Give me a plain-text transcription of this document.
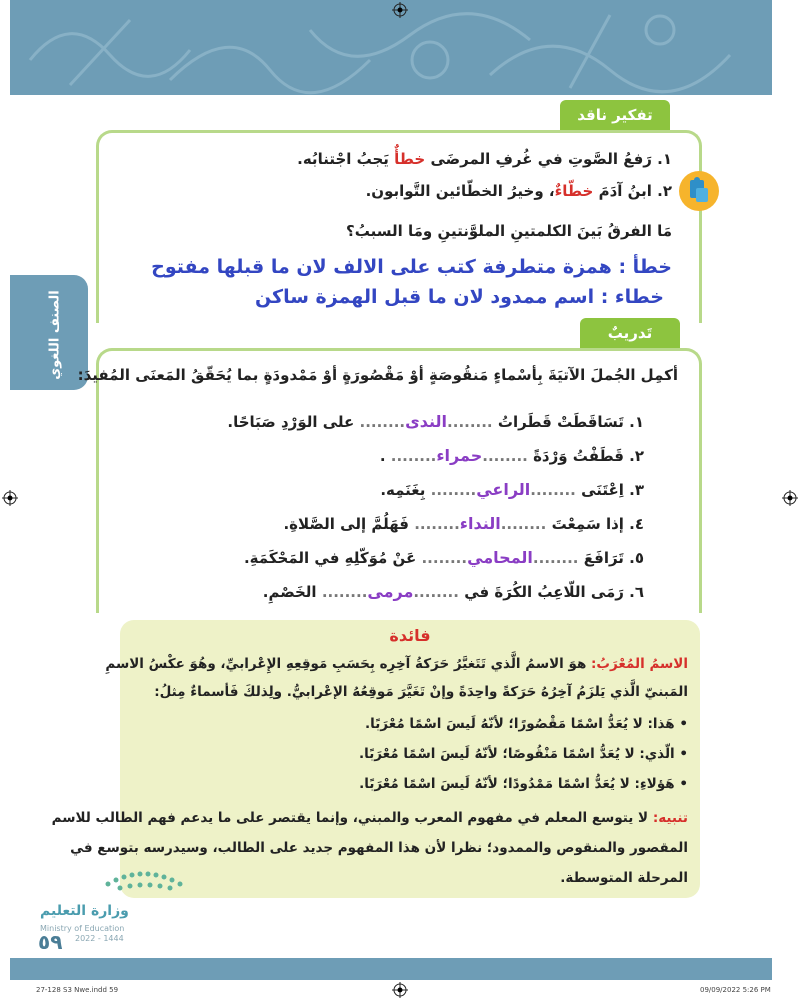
الصنف اللغوي
تفكير ناقد
١. رَفعُ الصَّوتِ في غُرفِ المرضَى خطأٌ يَجبُ اجْتنابُه.
٢. ابنُ آدَمَ خطّاءٌ، وخيرُ الخطّائين التَّوابون.
مَا الفرقُ بَينَ الكلمتينِ الملوَّنتينِ ومَا السببُ؟
خطأ : همزة متطرفة كتب على الالف لان ما قبلها مفتوح
خطاء : اسم ممدود لان ما قبل الهمزة ساكن
تَدريبٌ
أكمِل الجُملَ الآتيَةَ بِأسْماءٍ مَنقُوصَةٍ أوْ مَقْصُورَةٍ أوْ مَمْدودَةٍ بما يُحَقّقُ المَعنَى المُفيدَ:
١. تَسَاقَطَتْ قَطَراتُ ........الندى........ على الوَرْدِ صَبَاحًا.
٢. قَطَفْتُ وَرْدَةً ........حمراء........ .
٣. اِعْتَنَى ........الراعي........ بِغَنَمِه.
٤. إذا سَمِعْتَ ........النداء........ فَهَلُمَّ إلى الصَّلاةِ.
٥. تَرَافَعَ ........المحامي........ عَنْ مُوَكّلِهِ في المَحْكَمَةِ.
٦. رَمَى اللّاعِبُ الكُرَةَ في ........مرمى........ الخَصْمِ.
فائدة
الاسمُ المُعْرَبُ: هوَ الاسمُ الَّذي تَتَغيَّرُ حَرَكةُ آخِرِه بِحَسَبِ مَوقِعِهِ الإِعْرابيِّ، وهُوَ عكْسُ الاسمِ
المَبنيّ الَّذي يَلزَمُ آخِرُهُ حَرَكةً واحِدَةً وإنْ تَغَيَّرَ مَوقِعُهُ الإعْرابيُّ. ولِذلكَ فَأسماءٌ مِثلُ:
• هَذا: لا يُعَدُّ اسْمًا مَقْصُورًا؛ لأنّهُ لَيسَ اسْمًا مُعْرَبًا.
• الّذي: لا يُعَدُّ اسْمًا مَنْقُوصًا؛ لأنّهُ لَيسَ اسْمًا مُعْرَبًا.
• هَؤلاءِ: لا يُعَدُّ اسْمًا مَمْدُودًا؛ لأنّهُ لَيسَ اسْمًا مُعْرَبًا.
تنبيه: لا يتوسع المعلم في مفهوم المعرب والمبني، وإنما يقتصر على ما يدعم فهم الطالب للاسم
المقصور والمنقوص والممدود؛ نظرا لأن هذا المفهوم جديد على الطالب، وسيدرسه بتوسع في
المرحلة المتوسطة.
وزارة التعليم
Ministry of Education
2022 - 1444
٥٩
27-128 S3 Nwe.indd 59	09/09/2022 5:26 PM
